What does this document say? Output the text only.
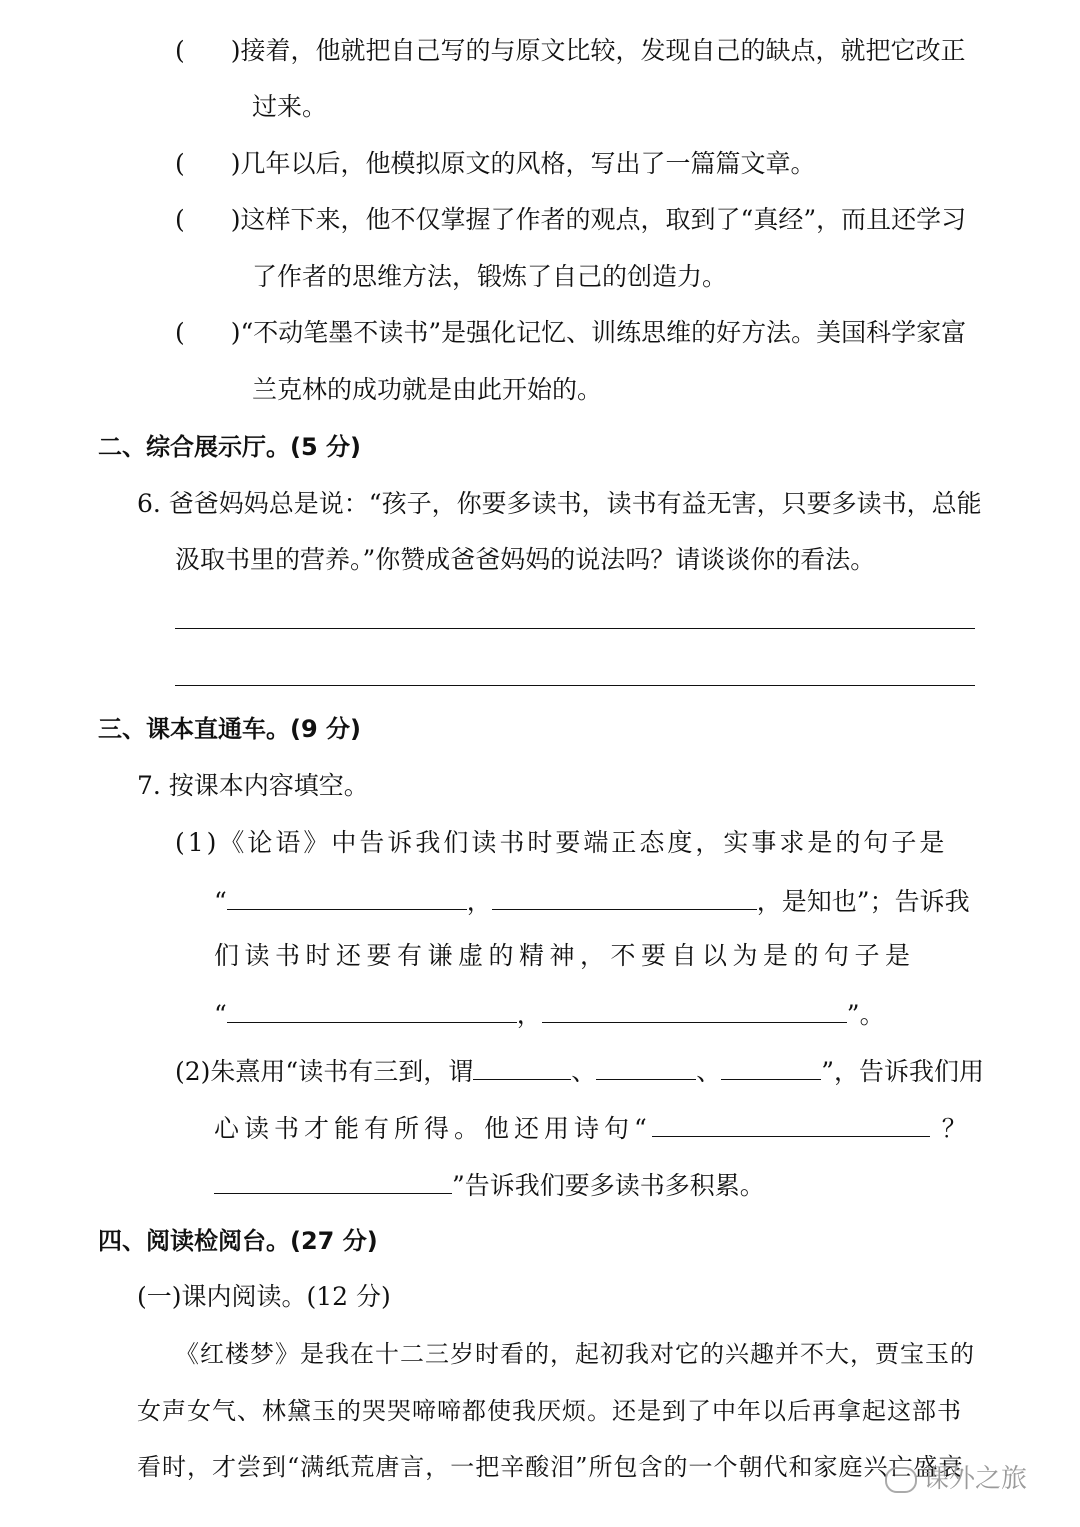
( )接着，他就把自己写的与原文比较，发现自己的缺点，就把它改正
过来。
( )几年以后，他模拟原文的风格，写出了一篇篇文章。
( )这样下来，他不仅掌握了作者的观点，取到了“真经”，而且还学习
了作者的思维方法，锻炼了自己的创造力。
( )“不动笔墨不读书”是强化记忆、训练思维的好方法。美国科学家富
兰克林的成功就是由此开始的。
二、综合展示厅。(5 分)
6. 爸爸妈妈总是说：“孩子，你要多读书，读书有益无害，只要多读书，总能
汲取书里的营养。”你赞成爸爸妈妈的说法吗？请谈谈你的看法。
三、课本直通车。(9 分)
7. 按课本内容填空。
(1)《论语》中告诉我们读书时要端正态度，实事求是的句子是
“	，	，是知也”；告诉我
们读书时还要有谦虚的精神，不要自以为是的句子是
“	，	”。
(2)朱熹用“读书有三到，谓	、	、	”，告诉我们用
心读书才能有所得。他还用诗句“	？
”告诉我们要多读书多积累。
四、阅读检阅台。(27 分)
(一)课内阅读。(12 分)
《红楼梦》是我在十二三岁时看的，起初我对它的兴趣并不大，贾宝玉的
女声女气、林黛玉的哭哭啼啼都使我厌烦。还是到了中年以后再拿起这部书
看时，才尝到“满纸荒唐言，一把辛酸泪”所包含的一个朝代和家庭兴亡盛衰
课外之旅
